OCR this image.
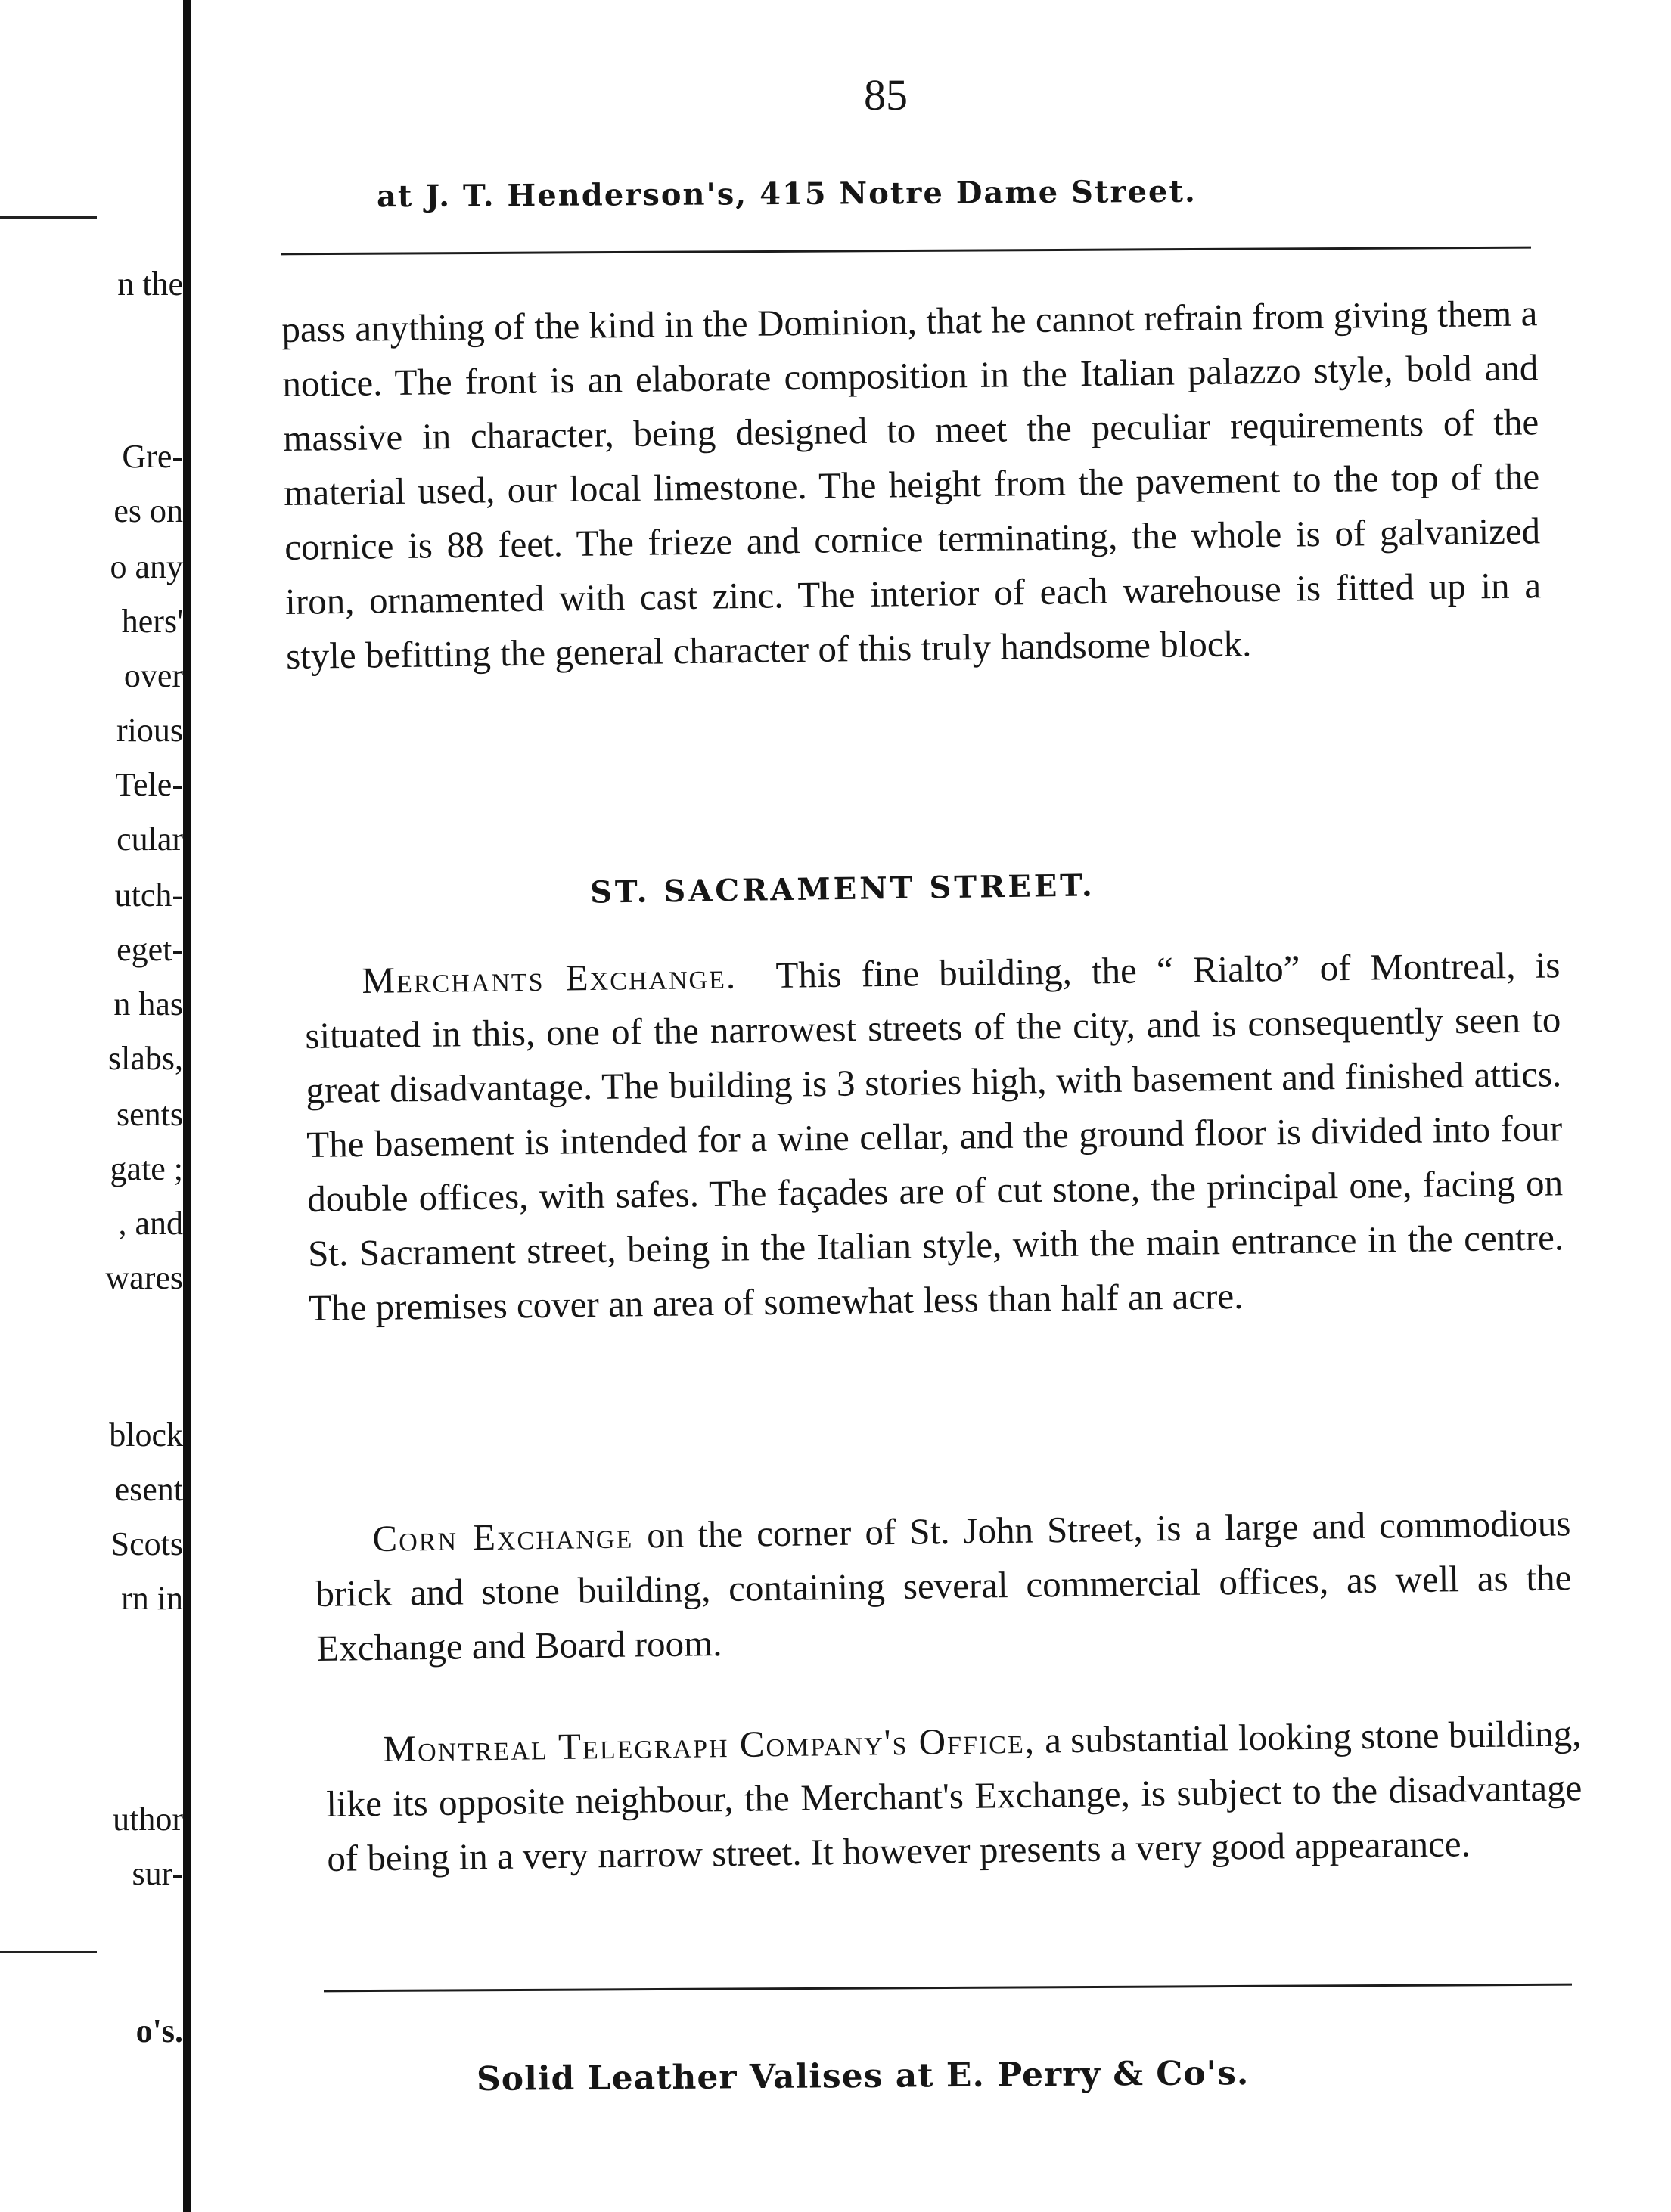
n the
Gre-
es on
o any
hers'
over
rious
Tele-
cular
utch-
eget-
n has
slabs,
sents
gate ;
, and
wares
block
esent
Scots
rn in
uthor
sur-
o's.
85
at J. T. Henderson's, 415 Notre Dame Street.

pass anything of the kind in the Dominion, that he cannot refrain from giving them a notice. The front is an elaborate composition in the Italian palazzo style, bold and massive in character, being designed to meet the peculiar requirements of the material used, our local limestone. The height from the pavement to the top of the cornice is 88 feet. The frieze and cornice terminating, the whole is of galvanized iron, ornamented with cast zinc. The interior of each warehouse is fitted up in a style befitting the general character of this truly handsome block.

ST. SACRAMENT STREET.

Merchants Exchange. This fine building, the “ Rialto” of Montreal, is situated in this, one of the narrowest streets of the city, and is consequently seen to great disadvantage. The building is 3 stories high, with basement and finished attics. The basement is intended for a wine cellar, and the ground floor is divided into four double offices, with safes. The façades are of cut stone, the principal one, facing on St. Sacrament street, being in the Italian style, with the main entrance in the centre. The premises cover an area of somewhat less than half an acre.

Corn Exchange on the corner of St. John Street, is a large and commodious brick and stone building, containing several commercial offices, as well as the Exchange and Board room.

Montreal Telegraph Company's Office, a substantial looking stone building, like its opposite neighbour, the Merchant's Exchange, is subject to the disadvantage of being in a very narrow street. It however presents a very good appearance.

Solid Leather Valises at E. Perry & Co's.
